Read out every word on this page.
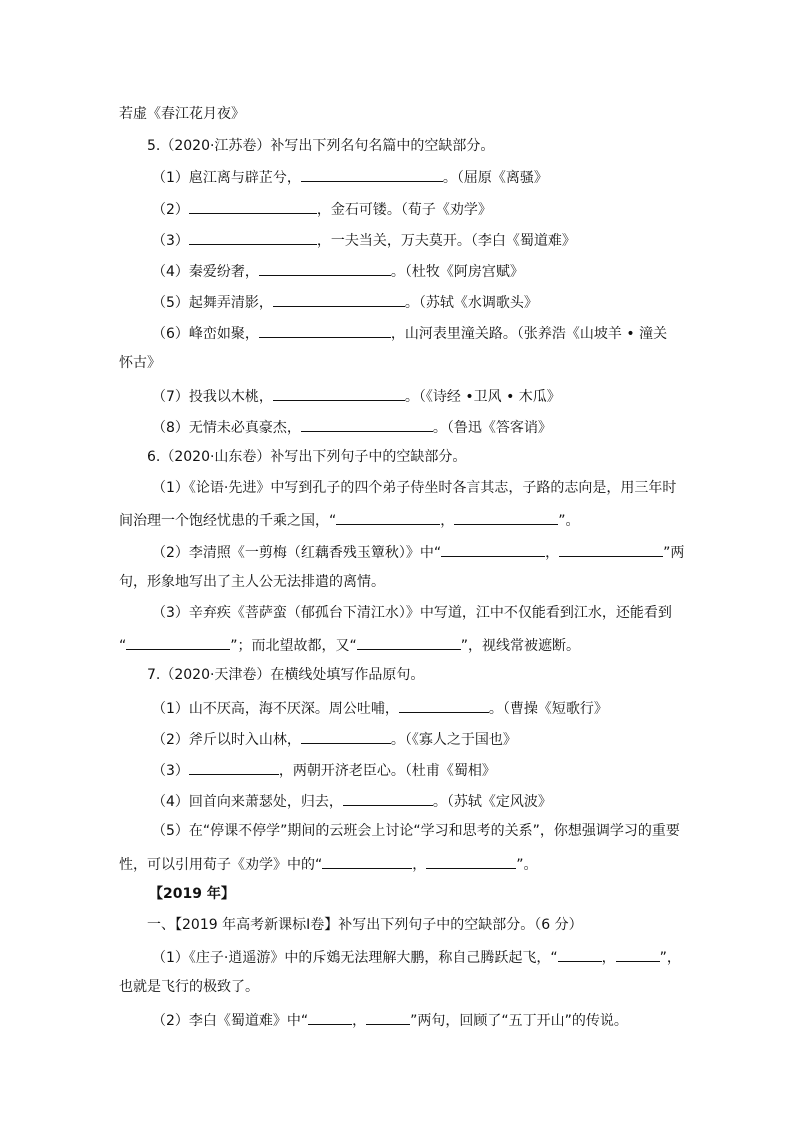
若虚《春江花月夜》
5.（2020·江苏卷）补写出下列名句名篇中的空缺部分。
（1）扈江离与辟芷兮，	。（屈原《离骚》
（2）	，金石可镂。（荀子《劝学》
（3）	，一夫当关，万夫莫开。（李白《蜀道难》
（4）秦爱纷奢，	。（杜牧《阿房宫赋》
（5）起舞弄清影，	。（苏轼《水调歌头》
（6）峰峦如聚，	，山河表里潼关路。（张养浩《山坡羊 • 潼关
怀古》
（7）投我以木桃，	。（《诗经 •卫风 • 木瓜》
（8）无情未必真豪杰，	。（鲁迅《答客诮》
6.（2020·山东卷）补写出下列句子中的空缺部分。
（1）《论语·先进》中写到孔子的四个弟子侍坐时各言其志，子路的志向是，用三年时
间治理一个饱经忧患的千乘之国，“	，	”。
（2）李清照《一剪梅（红藕香残玉簟秋）》中“	，	”两
句，形象地写出了主人公无法排遣的离情。
（3）辛弃疾《菩萨蛮（郁孤台下清江水）》中写道，江中不仅能看到江水，还能看到
“	”；而北望故都，又“	”，视线常被遮断。
7.（2020·天津卷）在横线处填写作品原句。
（1）山不厌高，海不厌深。周公吐哺，	。（曹操《短歌行》
（2）斧斤以时入山林，	。（《寡人之于国也》
（3）	，两朝开济老臣心。（杜甫《蜀相》
（4）回首向来萧瑟处，归去，	。（苏轼《定风波》
（5）在“停课不停学”期间的云班会上讨论“学习和思考的关系”，你想强调学习的重要
性，可以引用荀子《劝学》中的“	，	”。
【2019 年】
一、【2019 年高考新课标Ⅰ卷】补写出下列句子中的空缺部分。（6 分）
（1）《庄子·逍遥游》中的斥鴳无法理解大鹏，称自己腾跃起飞，“	，	”，
也就是飞行的极致了。
（2）李白《蜀道难》中“	，	”两句，回顾了“五丁开山”的传说。
